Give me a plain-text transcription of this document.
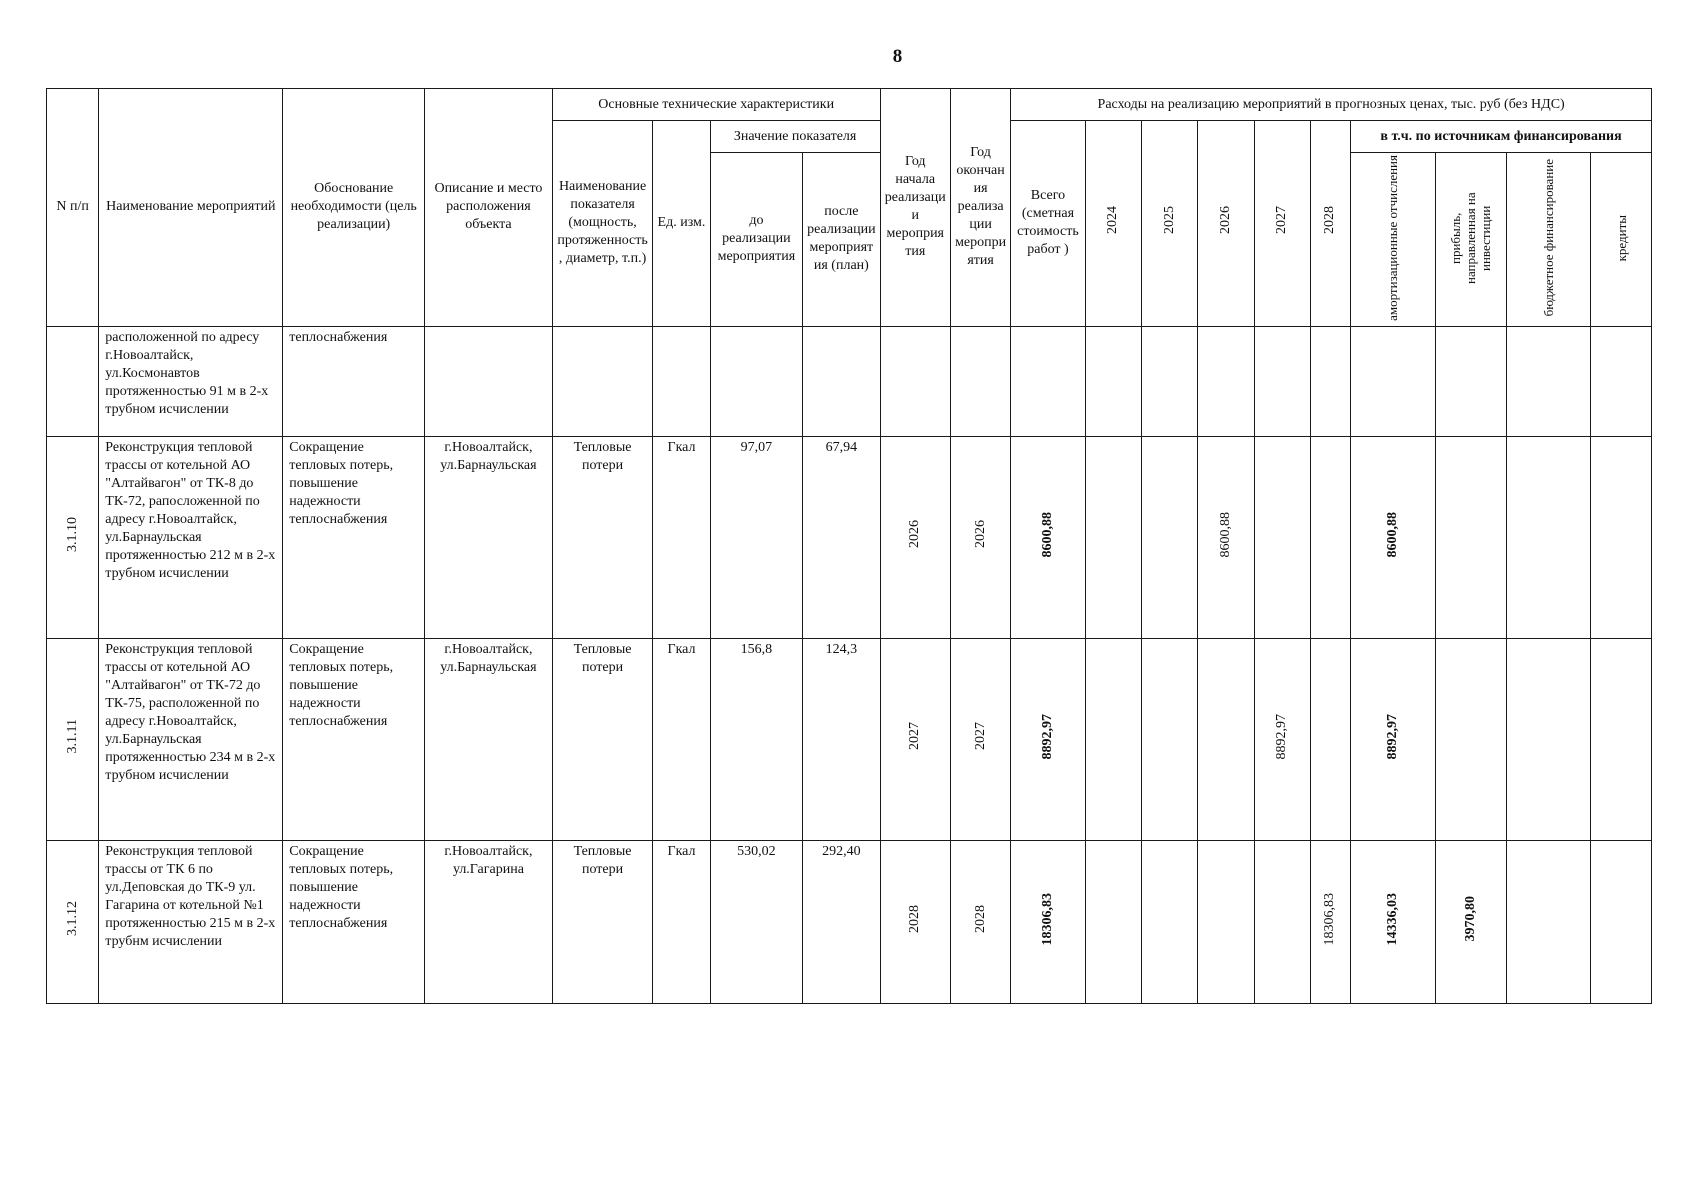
8
N п/п	Наименование мероприятий	Обоснование необходимости (цель реализации)	Описание и место расположения объекта	Основные технические характеристики				Год начала реализации мероприятия	Год окончания реализации мероприятия	Расходы на реализацию мероприятий в прогнозных ценах, тыс. руб (без НДС)									
				Наименование показателя (мощность, протяженность, диаметр, т.п.)	Ед. изм.	Значение показателя				Всего (сметная стоимость работ )	2024	2025	2026	2027	2028	в т.ч. по источникам финансирования			
						до реализации мероприятия	после реализации мероприятия (план)									амортизационные отчисления	прибыль, направленная на инвестиции	бюджетное финансирование	кредиты
	расположенной по адресу г.Новоалтайск, ул.Космонавтов протяженностью 91 м в 2-х трубном исчислении	теплоснабжения																	
3.1.10	Реконструкция тепловой трассы от котельной АО "Алтайвагон" от ТК-8 до ТК-72, рапосложенной по адресу г.Новоалтайск, ул.Барнаульская протяженностью 212 м в 2-х трубном исчислении	Сокращение тепловых потерь, повышение надежности теплоснабжения	г.Новоалтайск, ул.Барнаульская	Тепловые потери	Гкал	97,07	67,94	2026	2026	8600,88			8600,88			8600,88			
3.1.11	Реконструкция тепловой трассы от котельной АО "Алтайвагон" от ТК-72 до ТК-75, расположенной по адресу г.Новоалтайск, ул.Барнаульская протяженностью 234 м в 2-х трубном исчислении	Сокращение тепловых потерь, повышение надежности теплоснабжения	г.Новоалтайск, ул.Барнаульская	Тепловые потери	Гкал	156,8	124,3	2027	2027	8892,97				8892,97		8892,97			
3.1.12	Реконструкция тепловой трассы от ТК 6 по ул.Деповская до ТК-9 ул. Гагарина от котельной №1 протяженностью 215 м в 2-х трубнм исчислении	Сокращение тепловых потерь, повышение надежности теплоснабжения	г.Новоалтайск, ул.Гагарина	Тепловые потери	Гкал	530,02	292,40	2028	2028	18306,83					18306,83	14336,03	3970,80		
